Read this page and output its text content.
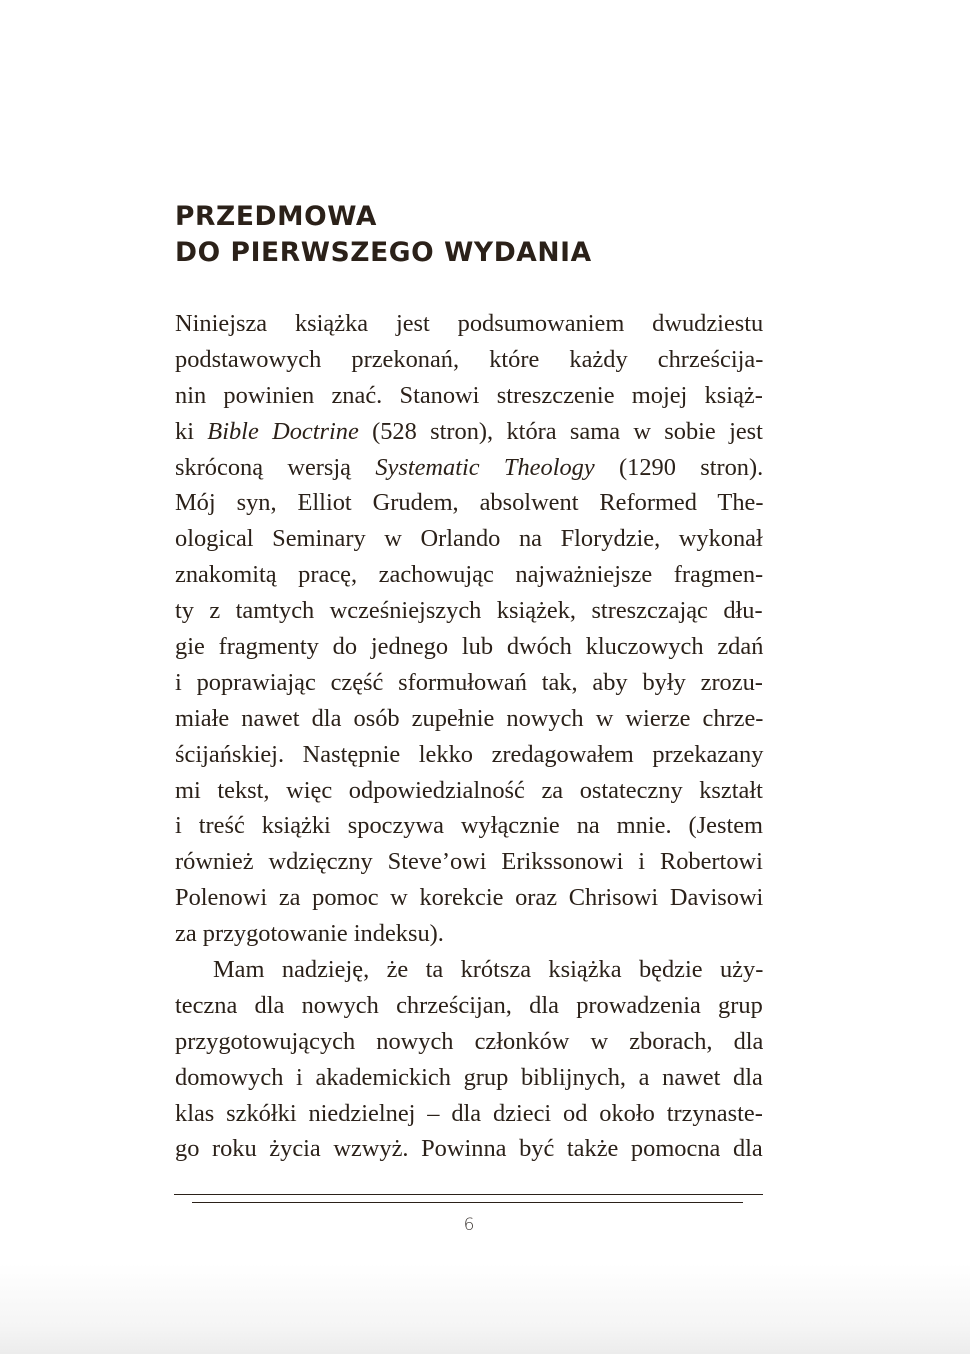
PRZEDMOWA
DO PIERWSZEGO WYDANIA
Niniejsza książka jest podsumowaniem dwudziestu
podstawowych przekonań, które każdy chrześcija-
nin powinien znać. Stanowi streszczenie mojej książ-
ki Bible Doctrine (528 stron), która sama w sobie jest
skróconą wersją Systematic Theology (1290 stron).
Mój syn, Elliot Grudem, absolwent Reformed The-
ological Seminary w Orlando na Florydzie, wykonał
znakomitą pracę, zachowując najważniejsze fragmen-
ty z tamtych wcześniejszych książek, streszczając dłu-
gie fragmenty do jednego lub dwóch kluczowych zdań
i poprawiając część sformułowań tak, aby były zrozu-
miałe nawet dla osób zupełnie nowych w wierze chrze-
ścijańskiej. Następnie lekko zredagowałem przekazany
mi tekst, więc odpowiedzialność za ostateczny kształt
i treść książki spoczywa wyłącznie na mnie. (Jestem
również wdzięczny Steve’owi Erikssonowi i Robertowi
Polenowi za pomoc w korekcie oraz Chrisowi Davisowi
za przygotowanie indeksu).
Mam nadzieję, że ta krótsza książka będzie uży-
teczna dla nowych chrześcijan, dla prowadzenia grup
przygotowujących nowych członków w zborach, dla
domowych i akademickich grup biblijnych, a nawet dla
klas szkółki niedzielnej – dla dzieci od około trzynaste-
go roku życia wzwyż. Powinna być także pomocna dla
6
